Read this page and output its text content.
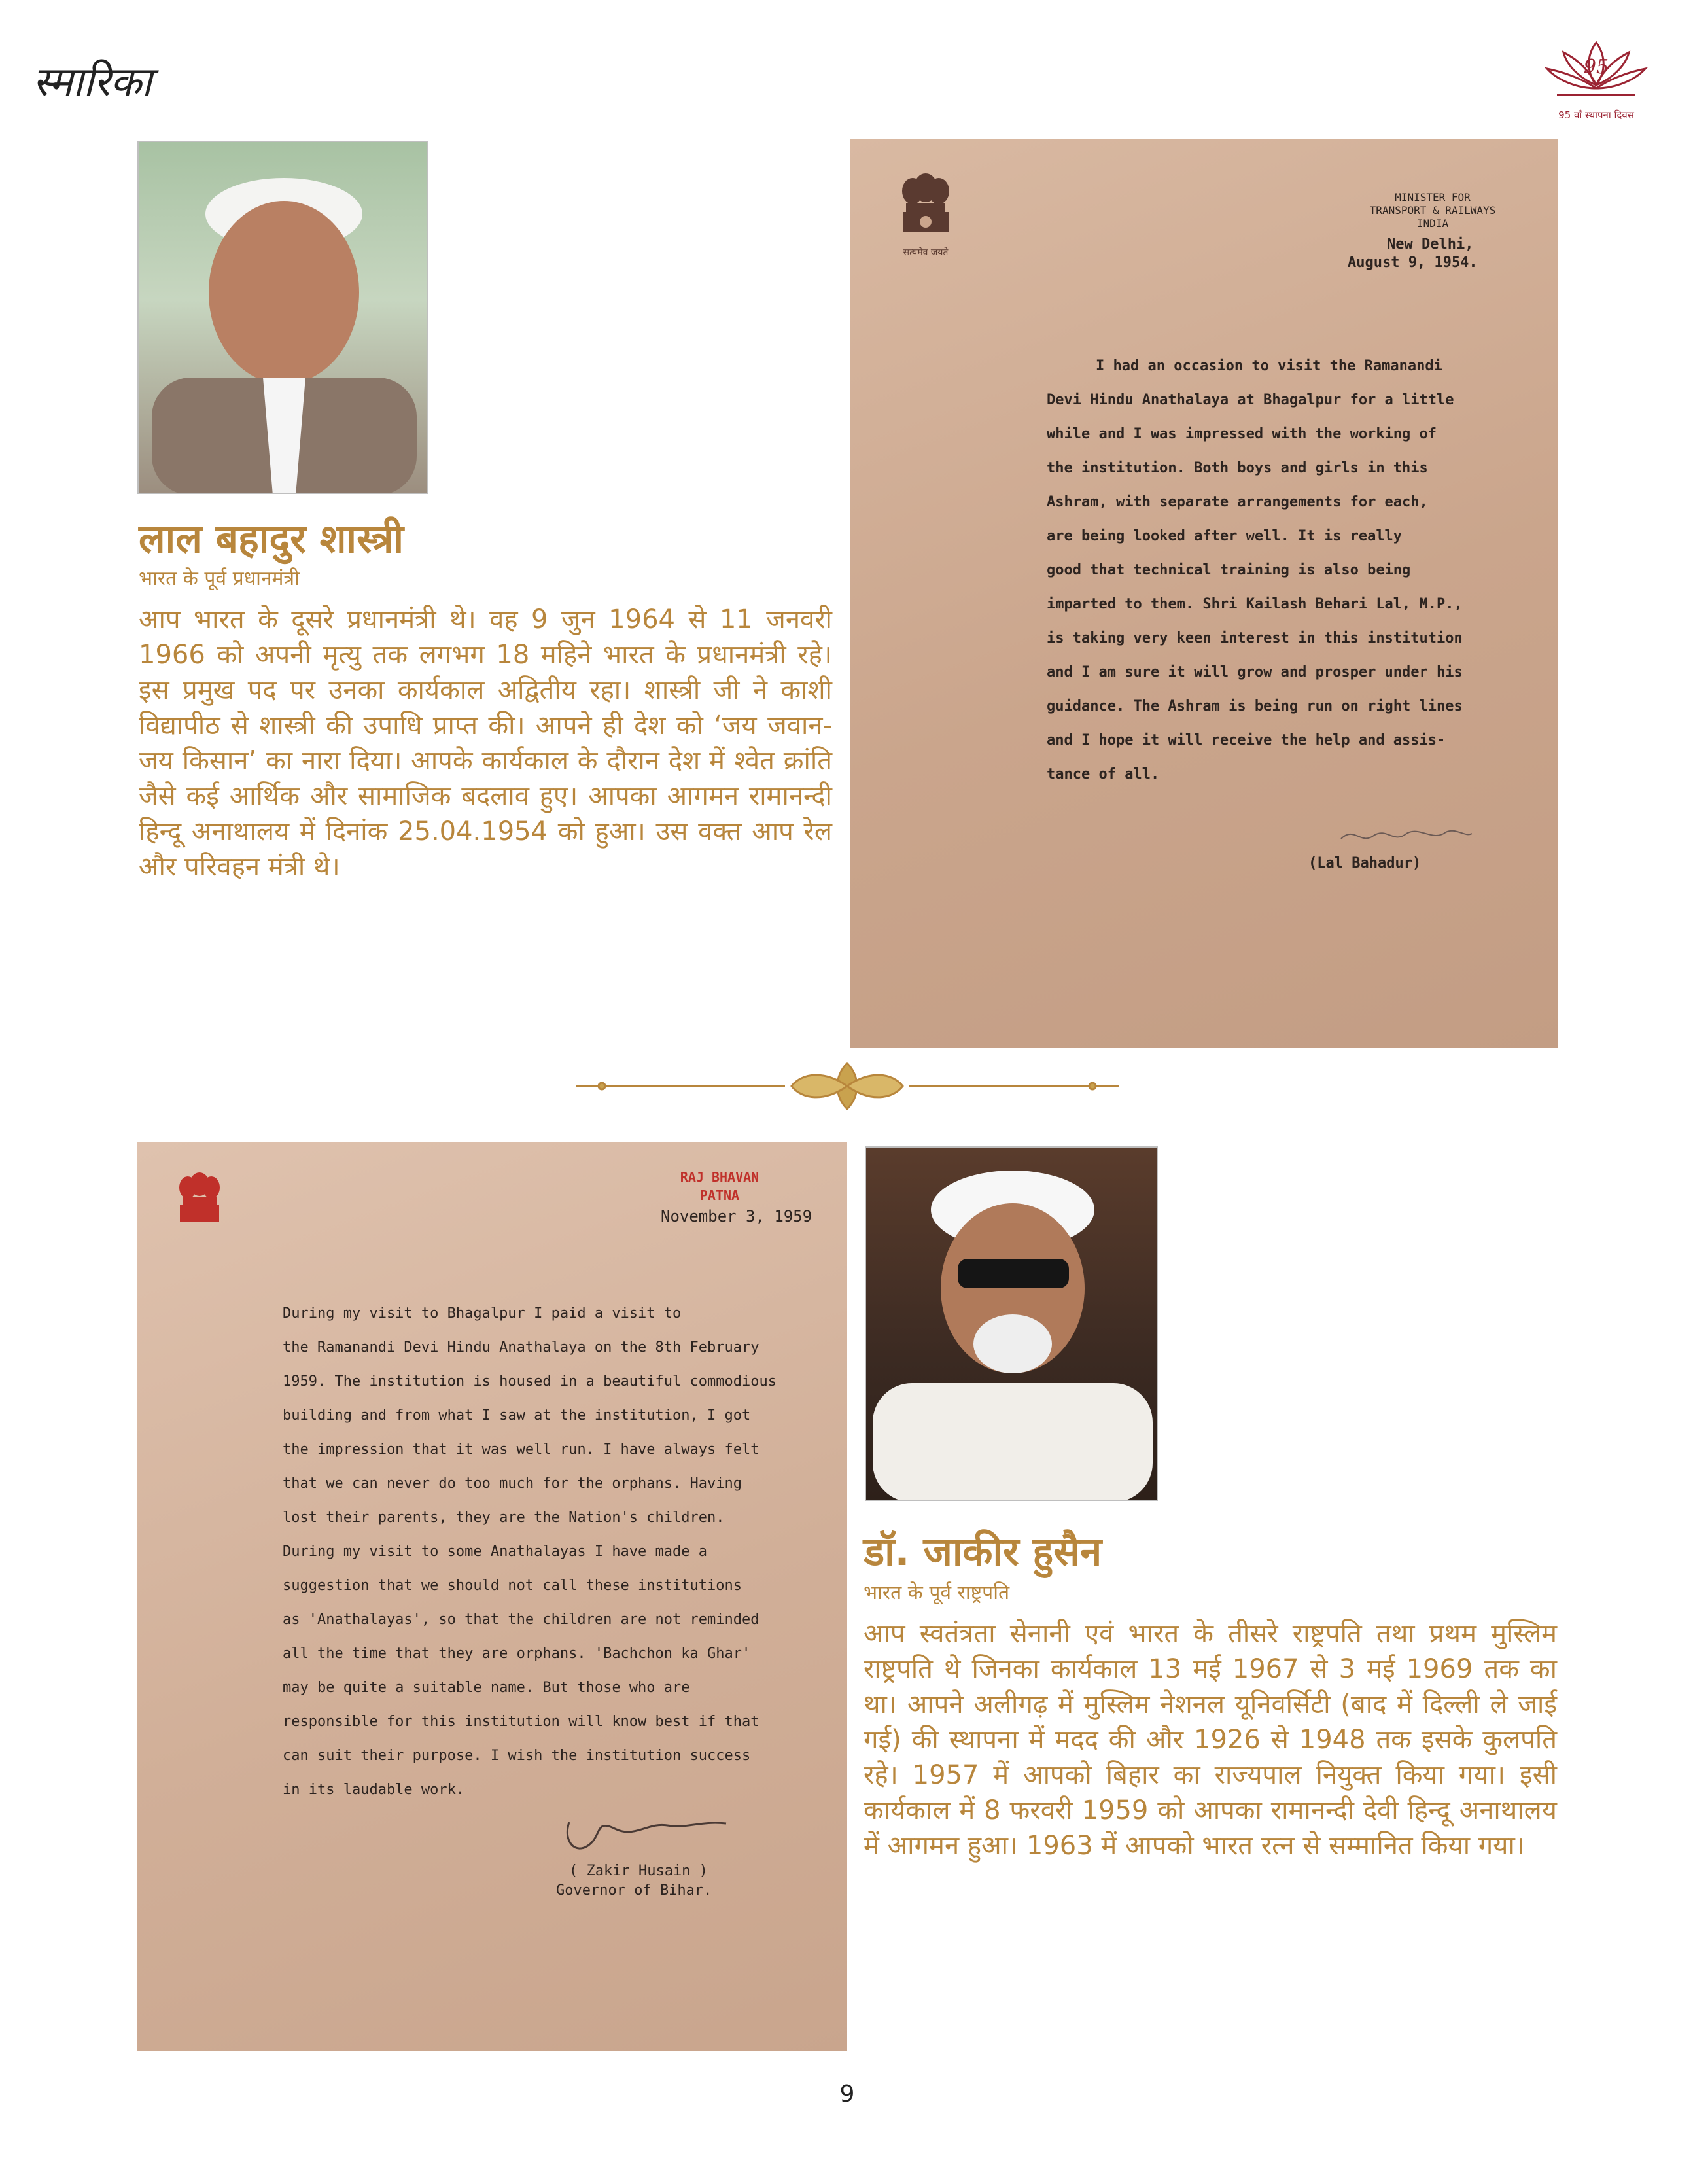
स्मारिका	95
95 वाँ स्थापना दिवस
लाल बहादुर शास्त्री
भारत के पूर्व प्रधानमंत्री
आप भारत के दूसरे प्रधानमंत्री थे। वह 9 जुन 1964 से 11 जनवरी 1966 को अपनी मृत्यु तक लगभग 18 महिने भारत के प्रधानमंत्री रहे। इस प्रमुख पद पर उनका कार्यकाल अद्वितीय रहा। शास्त्री जी ने काशी विद्यापीठ से शास्त्री की उपाधि प्राप्त की। आपने ही देश को ‘जय जवान-जय किसान’ का नारा दिया। आपके कार्यकाल के दौरान देश में श्वेत क्रांति जैसे कई आर्थिक और सामाजिक बदलाव हुए। आपका आगमन रामानन्दी हिन्दू अनाथालय में दिनांक 25.04.1954 को हुआ। उस वक्त आप रेल और परिवहन मंत्री थे।
सत्यमेव जयते
MINISTER FOR
TRANSPORT & RAILWAYS
INDIA
New Delhi,
August 9, 1954.
I had an occasion to visit the Ramanandi
Devi Hindu Anathalaya at Bhagalpur for a little
while and I was impressed with the working of
the institution. Both boys and girls in this
Ashram, with separate arrangements for each,
are being looked after well. It is really
good that technical training is also being
imparted to them. Shri Kailash Behari Lal, M.P.,
is taking very keen interest in this institution
and I am sure it will grow and prosper under his
guidance. The Ashram is being run on right lines
and I hope it will receive the help and assis-
tance of all.
(Lal Bahadur)
RAJ BHAVAN
PATNA
November 3, 1959

During my visit to Bhagalpur I paid a visit to

the Ramanandi Devi Hindu Anathalaya on the 8th February

1959. The institution is housed in a beautiful commodious

building and from what I saw at the institution, I got

the impression that it was well run. I have always felt

that we can never do too much for the orphans. Having

lost their parents, they are the Nation's children.

During my visit to some Anathalayas I have made a

suggestion that we should not call these institutions

as 'Anathalayas', so that the children are not reminded

all the time that they are orphans. 'Bachchon ka Ghar'

may be quite a suitable name. But those who are

responsible for this institution will know best if that

can suit their purpose. I wish the institution success

in its laudable work.

( Zakir Husain )
Governor of Bihar.
डॉ. जाकीर हुसैन
भारत के पूर्व राष्ट्रपति
आप स्वतंत्रता सेनानी एवं भारत के तीसरे राष्ट्रपति तथा प्रथम मुस्लिम राष्ट्रपति थे जिनका कार्यकाल 13 मई 1967 से 3 मई 1969 तक का था। आपने अलीगढ़ में मुस्लिम नेशनल यूनिवर्सिटी (बाद में दिल्ली ले जाई गई) की स्थापना में मदद की और 1926 से 1948 तक इसके कुलपति रहे। 1957 में आपको बिहार का राज्यपाल नियुक्त किया गया। इसी कार्यकाल में 8 फरवरी 1959 को आपका रामानन्दी देवी हिन्दू अनाथालय में आगमन हुआ। 1963 में आपको भारत रत्न से सम्मानित किया गया।
9
